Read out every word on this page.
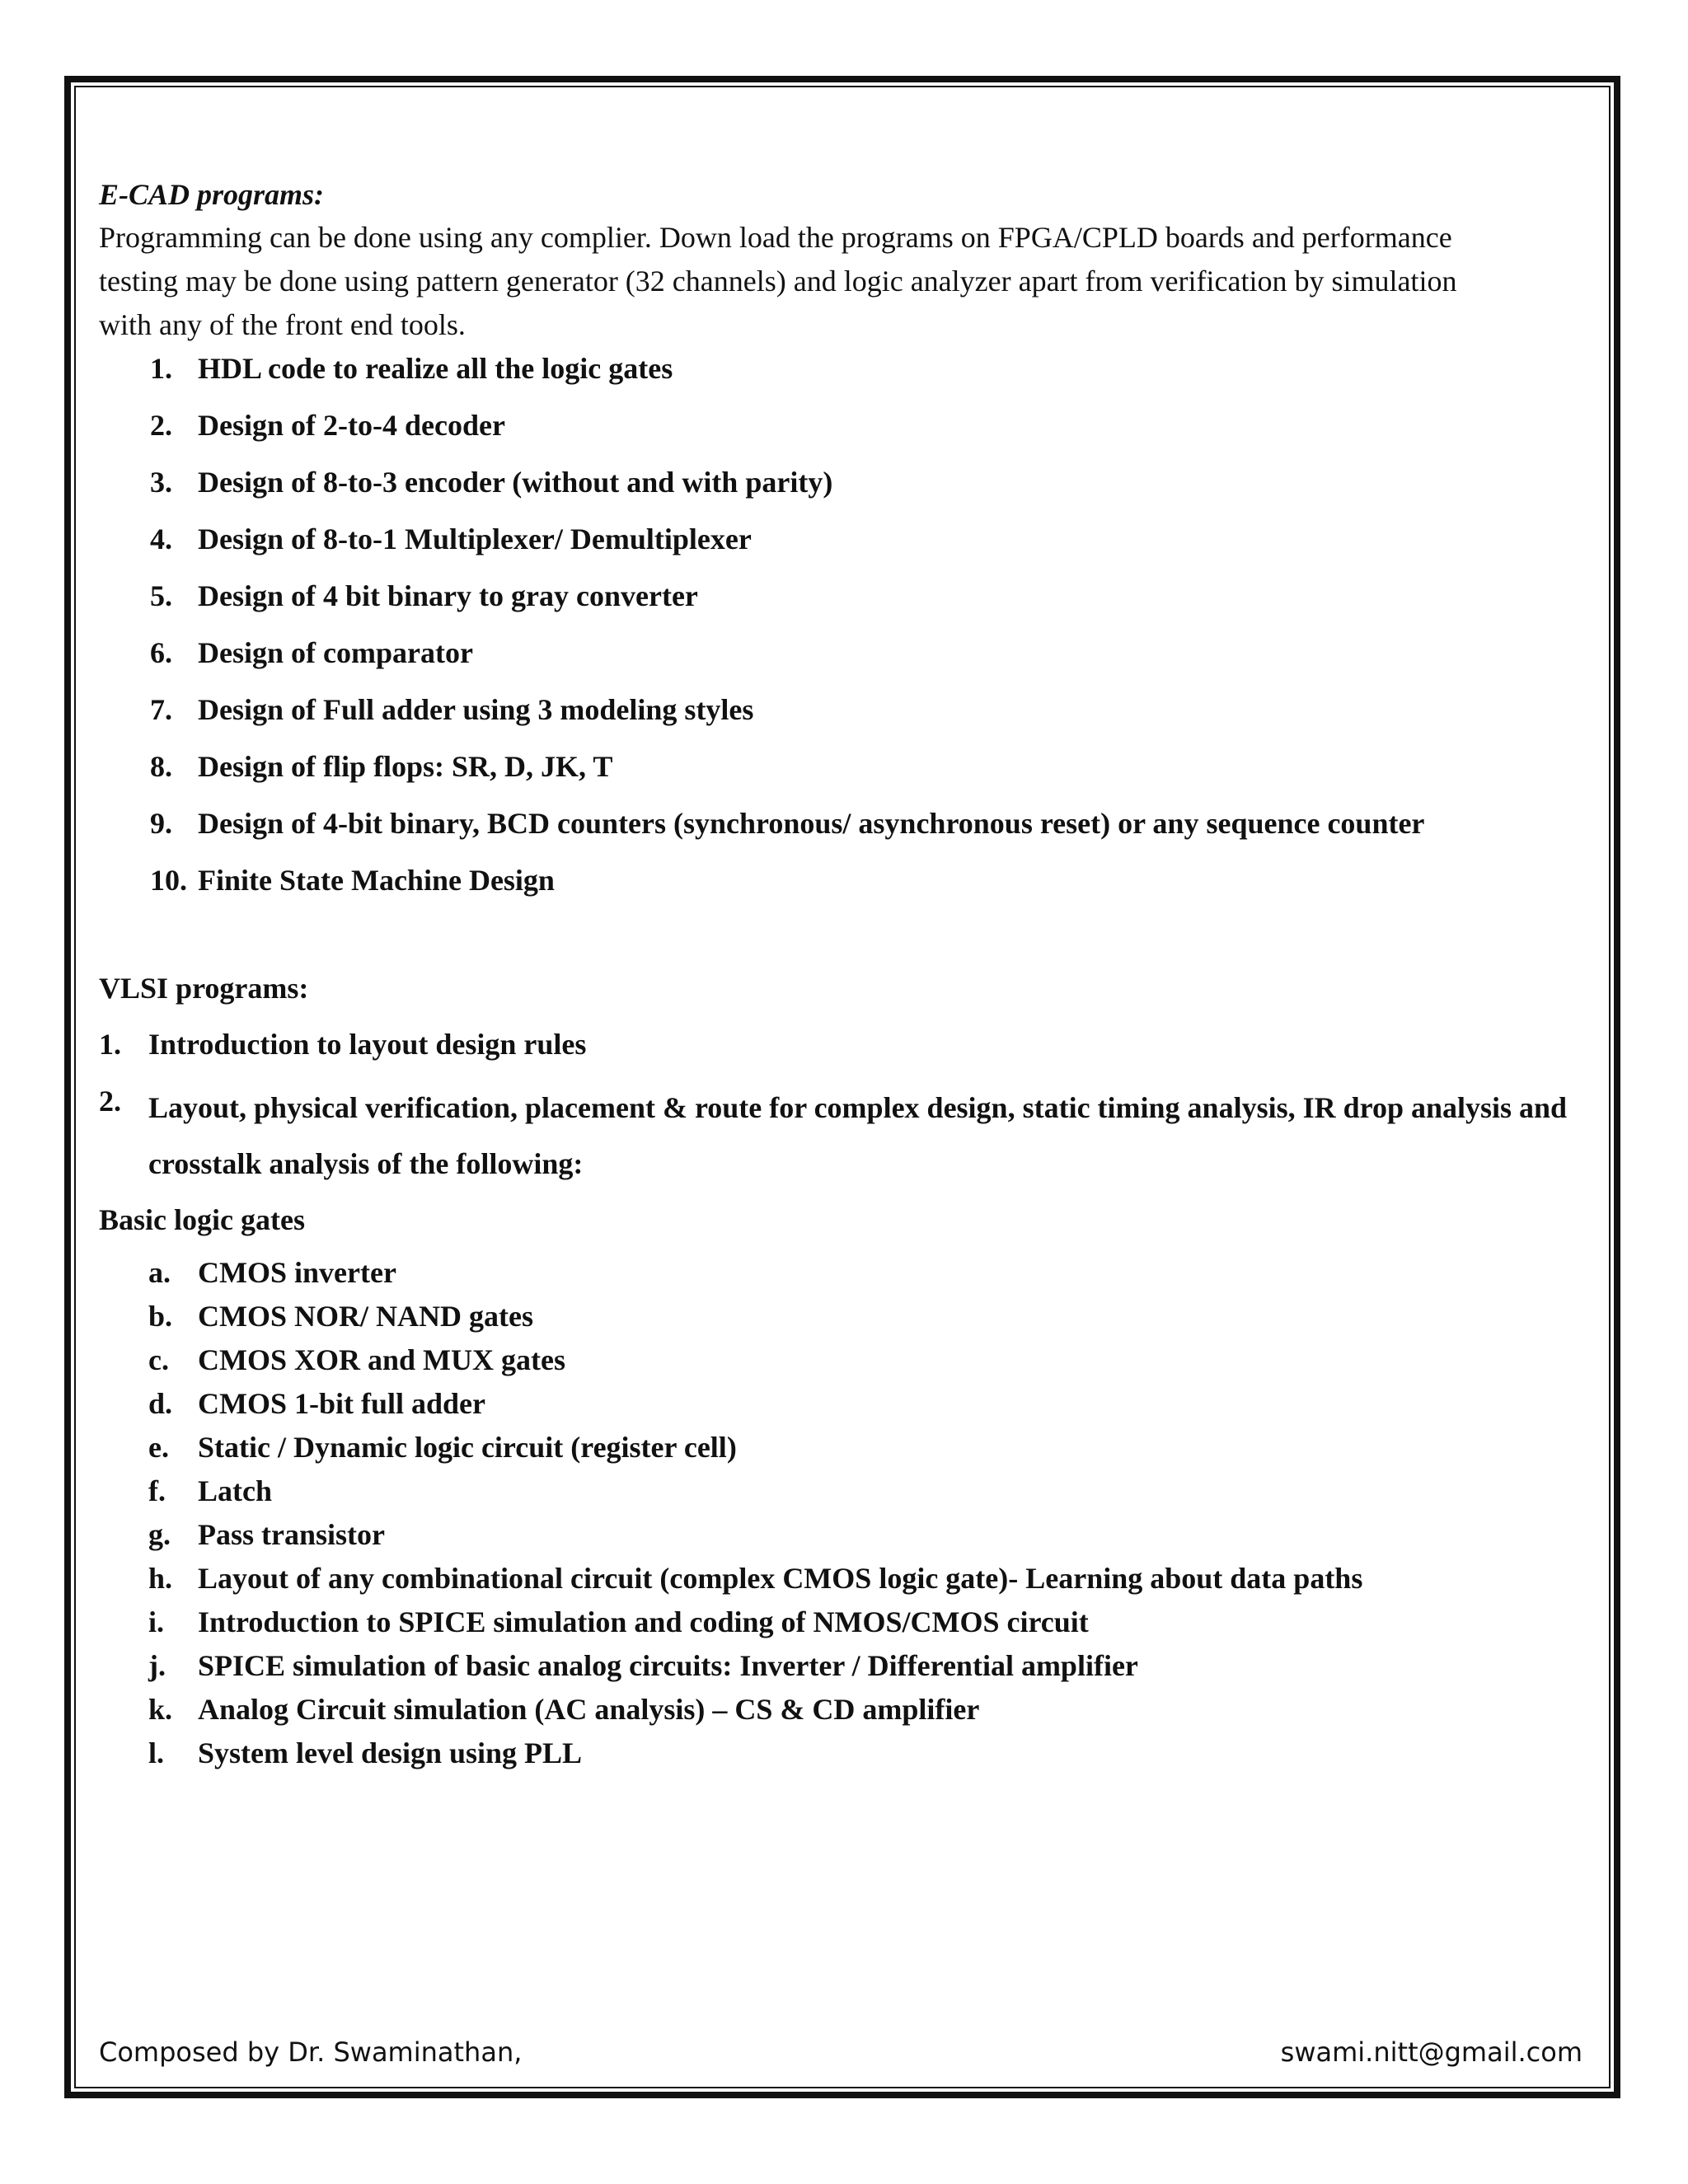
E-CAD programs:

Programming can be done using any complier. Down load the programs on FPGA/CPLD boards and performance testing may be done using pattern generator (32 channels) and logic analyzer apart from verification by simulation with any of the front end tools.

1. HDL code to realize all the logic gates
2. Design of 2-to-4 decoder
3. Design of 8-to-3 encoder (without and with parity)
4. Design of 8-to-1 Multiplexer/ Demultiplexer
5. Design of 4 bit binary to gray converter
6. Design of comparator
7. Design of Full adder using 3 modeling styles
8. Design of flip flops: SR, D, JK, T
9. Design of 4-bit binary, BCD counters (synchronous/ asynchronous reset) or any sequence counter
10. Finite State Machine Design

VLSI programs:

1. Introduction to layout design rules
2. Layout, physical verification, placement & route for complex design, static timing analysis, IR drop analysis and crosstalk analysis of the following:

Basic logic gates

a. CMOS inverter
b. CMOS NOR/ NAND gates
c. CMOS XOR and MUX gates
d. CMOS 1-bit full adder
e. Static / Dynamic logic circuit (register cell)
f. Latch
g. Pass transistor
h. Layout of any combinational circuit (complex CMOS logic gate)- Learning about data paths
i. Introduction to SPICE simulation and coding of NMOS/CMOS circuit
j. SPICE simulation of basic analog circuits: Inverter / Differential amplifier
k. Analog Circuit simulation (AC analysis) – CS & CD amplifier
l. System level design using PLL
Composed by Dr. Swaminathan,	swami.nitt@gmail.com
